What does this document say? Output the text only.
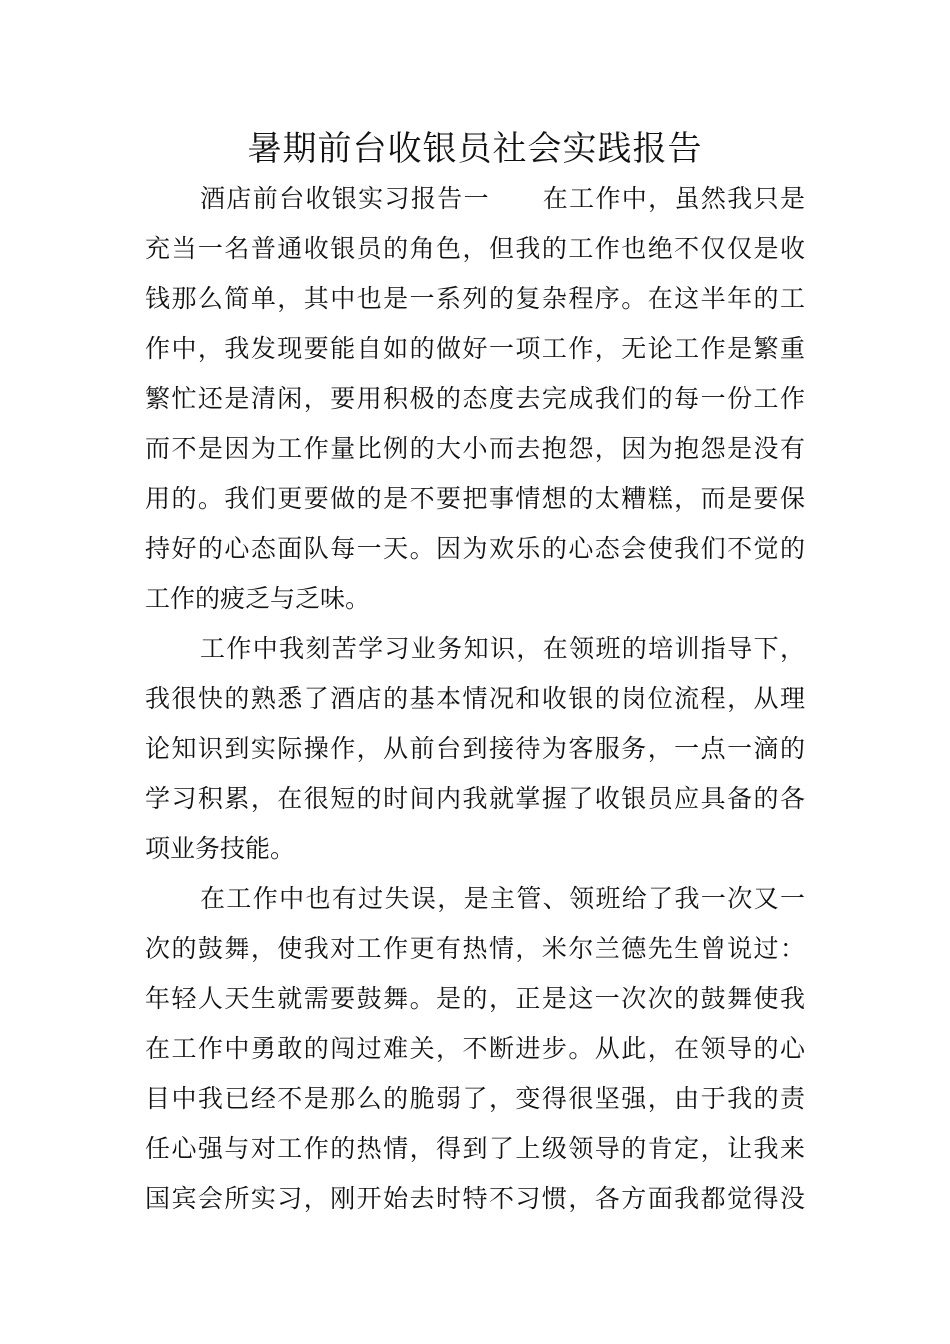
暑期前台收银员社会实践报告
酒店前台收银实习报告一　　在工作中，虽然我只是
充当一名普通收银员的角色，但我的工作也绝不仅仅是收
钱那么简单，其中也是一系列的复杂程序。在这半年的工
作中，我发现要能自如的做好一项工作，无论工作是繁重
繁忙还是清闲，要用积极的态度去完成我们的每一份工作
而不是因为工作量比例的大小而去抱怨，因为抱怨是没有
用的。我们更要做的是不要把事情想的太糟糕，而是要保
持好的心态面队每一天。因为欢乐的心态会使我们不觉的
工作的疲乏与乏味。
工作中我刻苦学习业务知识，在领班的培训指导下，
我很快的熟悉了酒店的基本情况和收银的岗位流程，从理
论知识到实际操作，从前台到接待为客服务，一点一滴的
学习积累，在很短的时间内我就掌握了收银员应具备的各
项业务技能。
在工作中也有过失误，是主管、领班给了我一次又一
次的鼓舞，使我对工作更有热情，米尔兰德先生曾说过：
年轻人天生就需要鼓舞。是的，正是这一次次的鼓舞使我
在工作中勇敢的闯过难关，不断进步。从此，在领导的心
目中我已经不是那么的脆弱了，变得很坚强，由于我的责
任心强与对工作的热情，得到了上级领导的肯定，让我来
国宾会所实习，刚开始去时特不习惯，各方面我都觉得没
